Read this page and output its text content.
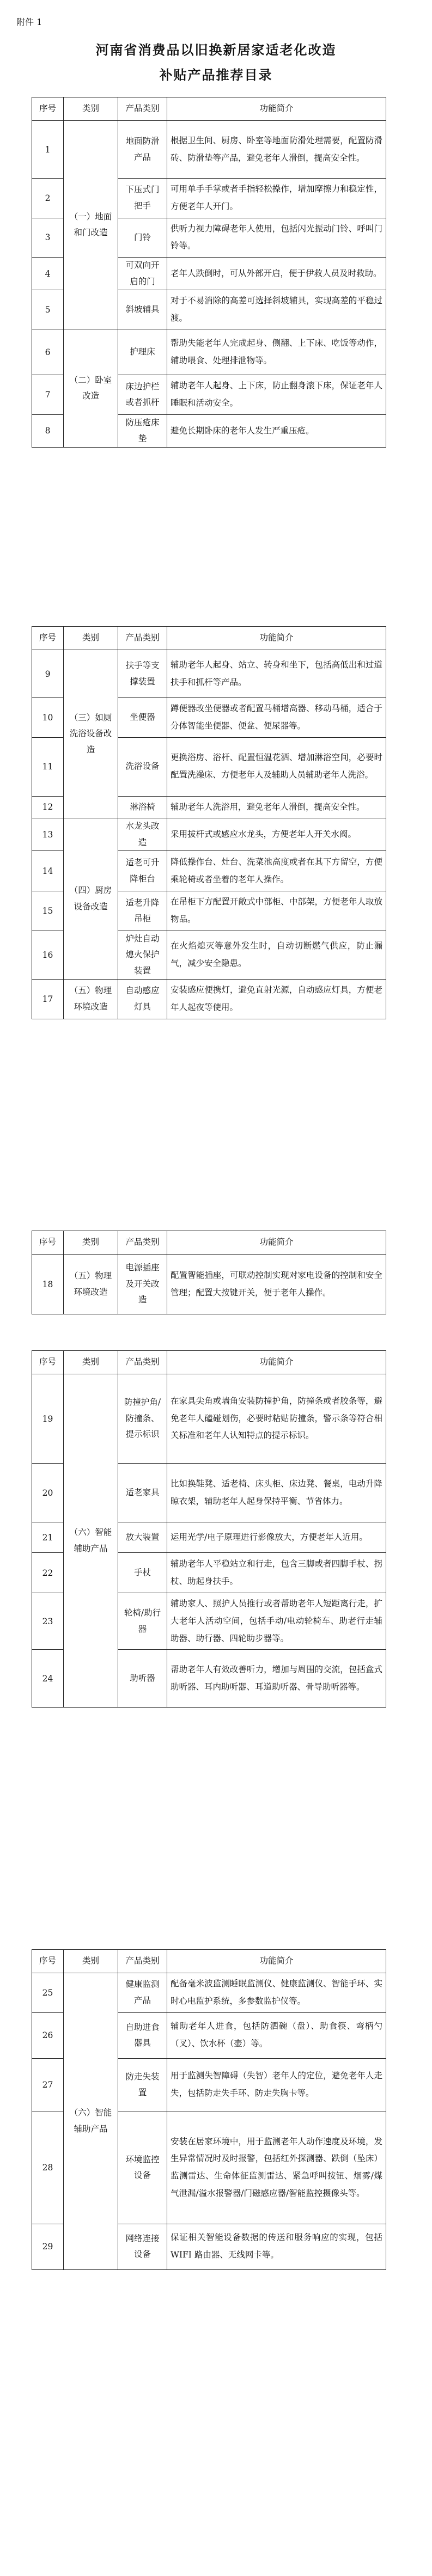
附件 1
河南省消费品以旧换新居家适老化改造
补贴产品推荐目录
序号	类别	产品类别	功能简介
1	（一）地面和门改造	地面防滑产品	根据卫生间、厨房、卧室等地面防滑处理需要，配置防滑砖、防滑垫等产品，避免老年人滑倒，提高安全性。
2		下压式门把手	可用单手手掌或者手指轻松操作，增加摩擦力和稳定性，方便老年人开门。
3		门铃	供听力视力障碍老年人使用，包括闪光振动门铃、呼叫门铃等。
4		可双向开启的门	老年人跌倒时，可从外部开启，便于伊救人员及时救助。
5		斜坡辅具	对于不易消除的高差可选择斜坡辅具，实现高差的平稳过渡。
6	（二）卧室改造	护理床	帮助失能老年人完成起身、侧翻、上下床、吃饭等动作，辅助喂食、处理排泄物等。
7		床边护栏或者抓杆	辅助老年人起身、上下床，防止翻身滚下床，保证老年人睡眠和活动安全。
8		防压疮床垫	避免长期卧床的老年人发生严重压疮。
序号	类别	产品类别	功能简介
9	（三）如厕洗浴设备改造	扶手等支撑装置	辅助老年人起身、站立、转身和坐下，包括高低出和过道扶手和抓杆等产品。
10		坐便器	蹲便器改坐便器或者配置马桶增高器、移动马桶，适合于分体智能坐便器、便盆、便尿器等。
11		洗浴设备	更换浴房、浴杆、配置恒温花洒、增加淋浴空间，必要时配置洗澡床、方便老年人及辅助人员辅助老年人洗浴。
12		淋浴椅	辅助老年人洗浴用，避免老年人滑倒，提高安全性。
13	（四）厨房设备改造	水龙头改造	采用拔杆式或感应水龙头，方便老年人开关水阀。
14		适老可升降柜台	降低操作台、灶台、洗菜池高度或者在其下方留空，方便乘轮椅或者坐着的老年人操作。
15		适老升降吊柜	在吊柜下方配置开敞式中部柜、中部架，方便老年人取放物品。
16		炉灶自动熄火保护装置	在火焰熄灭等意外发生时，自动切断燃气供应，防止漏气，减少安全隐患。
17	（五）物理环境改造	自动感应灯具	安装感应便携灯，避免直射光源，自动感应灯具，方便老年人起夜等使用。
序号	类别	产品类别	功能简介
18	（五）物理环境改造	电源插座及开关改造	配置智能插座，可联动控制实现对家电设备的控制和安全管理；配置大按键开关，便于老年人操作。
序号	类别	产品类别	功能简介
19	（六）智能辅助产品	防撞护角/防撞条、提示标识	在家具尖角或墙角安装防撞护角，防撞条或者胶条等，避免老年人磕碰划伤，必要时粘贴防撞条，警示条等符合相关标准和老年人认知特点的提示标识。
20		适老家具	比如换鞋凳、适老椅、床头柜、床边凳、餐桌，电动升降晾衣架，辅助老年人起身保持平衡、节省体力。
21		放大装置	运用光学/电子原理进行影像放大，方便老年人近用。
22		手杖	辅助老年人平稳站立和行走，包含三脚或者四脚手杖、拐杖、助起身扶手。
23		轮椅/助行器	辅助家人、照护人员推行或者帮助老年人短距离行走，扩大老年人活动空间，包括手动/电动轮椅车、助老行走辅助器、助行器、四轮助步器等。
24		助听器	帮助老年人有效改善听力，增加与周围的交流，包括盒式助听器、耳内助听器、耳道助听器、骨导助听器等。
序号	类别	产品类别	功能简介
25	（六）智能辅助产品	健康监测产品	配备毫米波监测睡眠监测仪、健康监测仪、智能手环、实时心电监护系统，多参数监护仪等。
26		自助进食器具	辅助老年人进食，包括防洒碗（盘）、助食筷、弯柄勺（叉）、饮水杯（壶）等。
27		防走失装置	用于监测失智障碍（失智）老年人的定位，避免老年人走失，包括防走失手环、防走失胸卡等。
28		环境监控设备	安装在居家环境中，用于监测老年人动作速度及环境，发生异常情况时及时报警，包括红外探测器、跌倒（坠床）监测雷达、生命体征监测雷达、紧急呼叫按钮、烟雾/煤气泄漏/溢水报警器/门磁感应器/智能监控摄像头等。
29		网络连接设备	保证相关智能设备数据的传送和服务响应的实现，包括 WIFI 路由器、无线网卡等。
